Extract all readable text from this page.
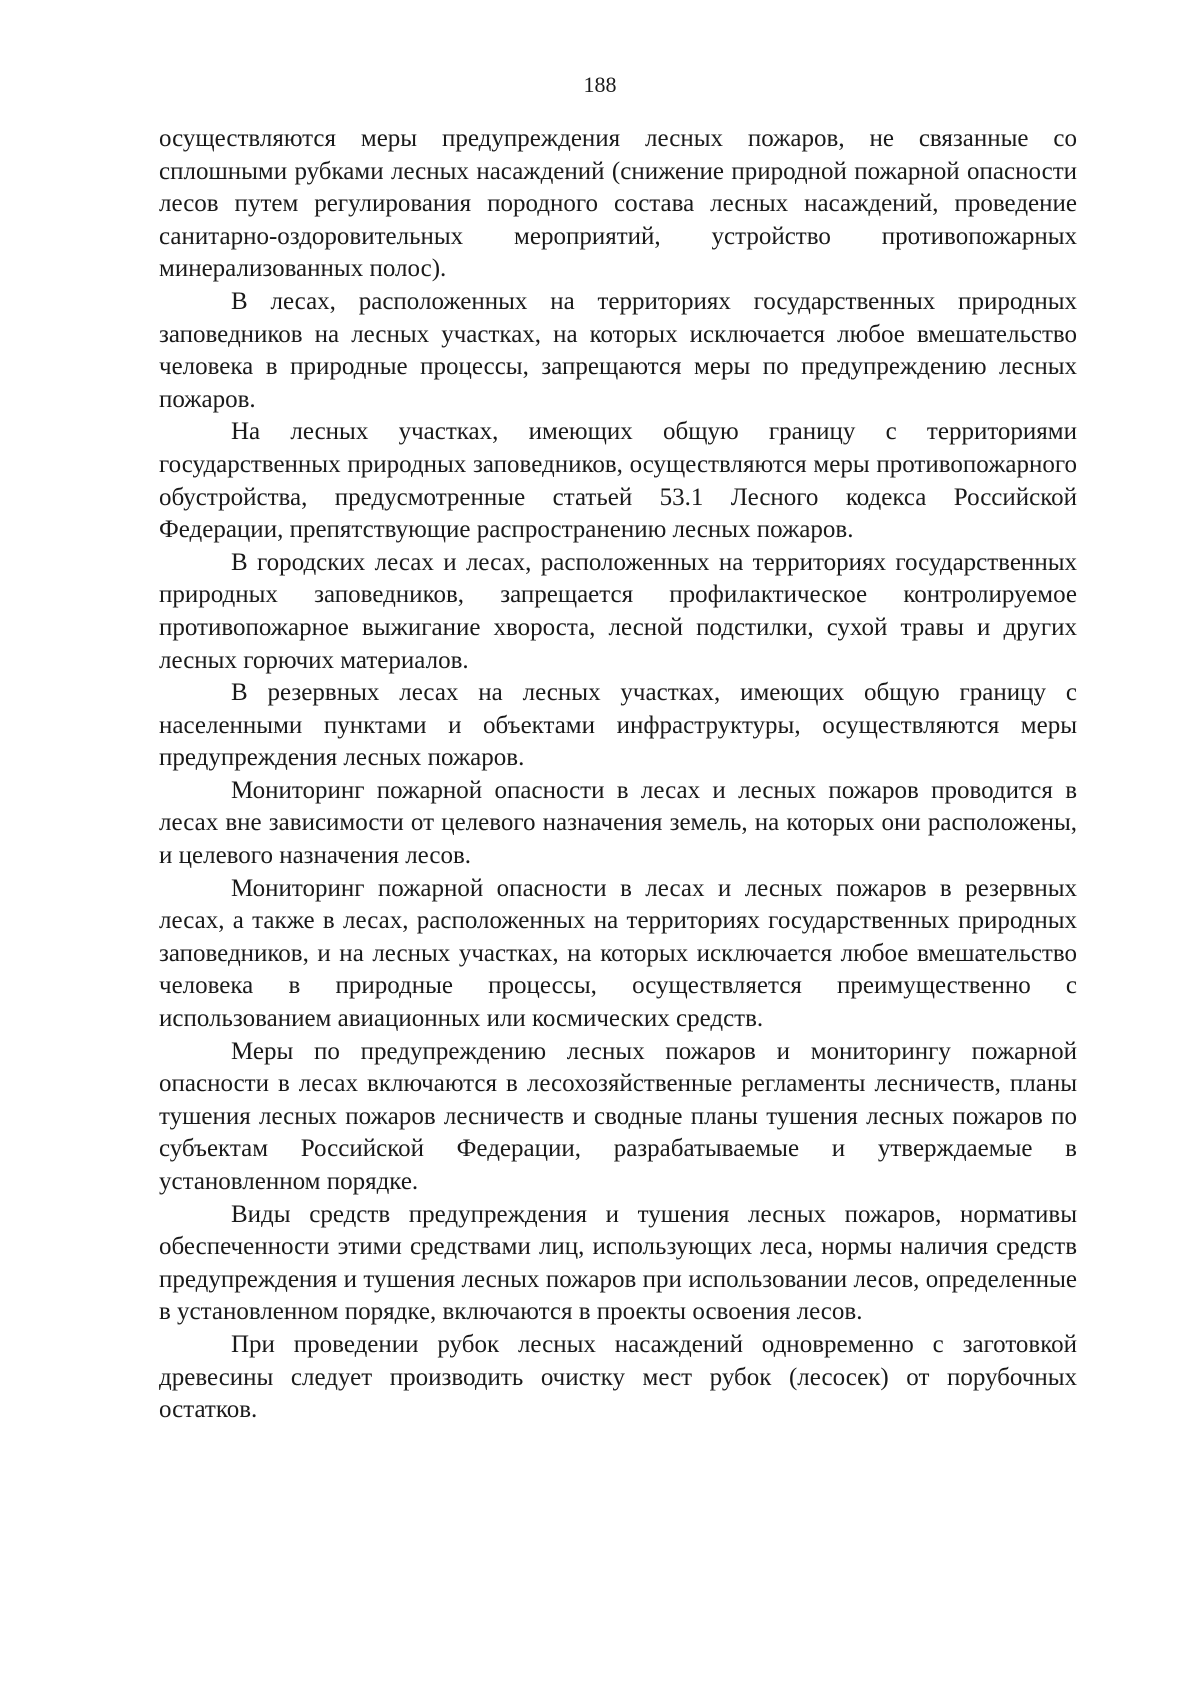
188

осуществляются меры предупреждения лесных пожаров, не связанные со сплошными рубками лесных насаждений (снижение природной пожарной опасности лесов путем регулирования породного состава лесных насаждений, проведение санитарно-оздоровительных мероприятий, устройство противопожарных минерализованных полос).

В лесах, расположенных на территориях государственных природных заповедников на лесных участках, на которых исключается любое вмешательство человека в природные процессы, запрещаются меры по предупреждению лесных пожаров.

На лесных участках, имеющих общую границу с территориями государственных природных заповедников, осуществляются меры противопожарного обустройства, предусмотренные статьей 53.1 Лесного кодекса Российской Федерации, препятствующие распространению лесных пожаров.

В городских лесах и лесах, расположенных на территориях государственных природных заповедников, запрещается профилактическое контролируемое противопожарное выжигание хвороста, лесной подстилки, сухой травы и других лесных горючих материалов.

В резервных лесах на лесных участках, имеющих общую границу с населенными пунктами и объектами инфраструктуры, осуществляются меры предупреждения лесных пожаров.

Мониторинг пожарной опасности в лесах и лесных пожаров проводится в лесах вне зависимости от целевого назначения земель, на которых они расположены, и целевого назначения лесов.

Мониторинг пожарной опасности в лесах и лесных пожаров в резервных лесах, а также в лесах, расположенных на территориях государственных природных заповедников, и на лесных участках, на которых исключается любое вмешательство человека в природные процессы, осуществляется преимущественно с использованием авиационных или космических средств.

Меры по предупреждению лесных пожаров и мониторингу пожарной опасности в лесах включаются в лесохозяйственные регламенты лесничеств, планы тушения лесных пожаров лесничеств и сводные планы тушения лесных пожаров по субъектам Российской Федерации, разрабатываемые и утверждаемые в установленном порядке.

Виды средств предупреждения и тушения лесных пожаров, нормативы обеспеченности этими средствами лиц, использующих леса, нормы наличия средств предупреждения и тушения лесных пожаров при использовании лесов, определенные в установленном порядке, включаются в проекты освоения лесов.

При проведении рубок лесных насаждений одновременно с заготовкой древесины следует производить очистку мест рубок (лесосек) от порубочных остатков.
